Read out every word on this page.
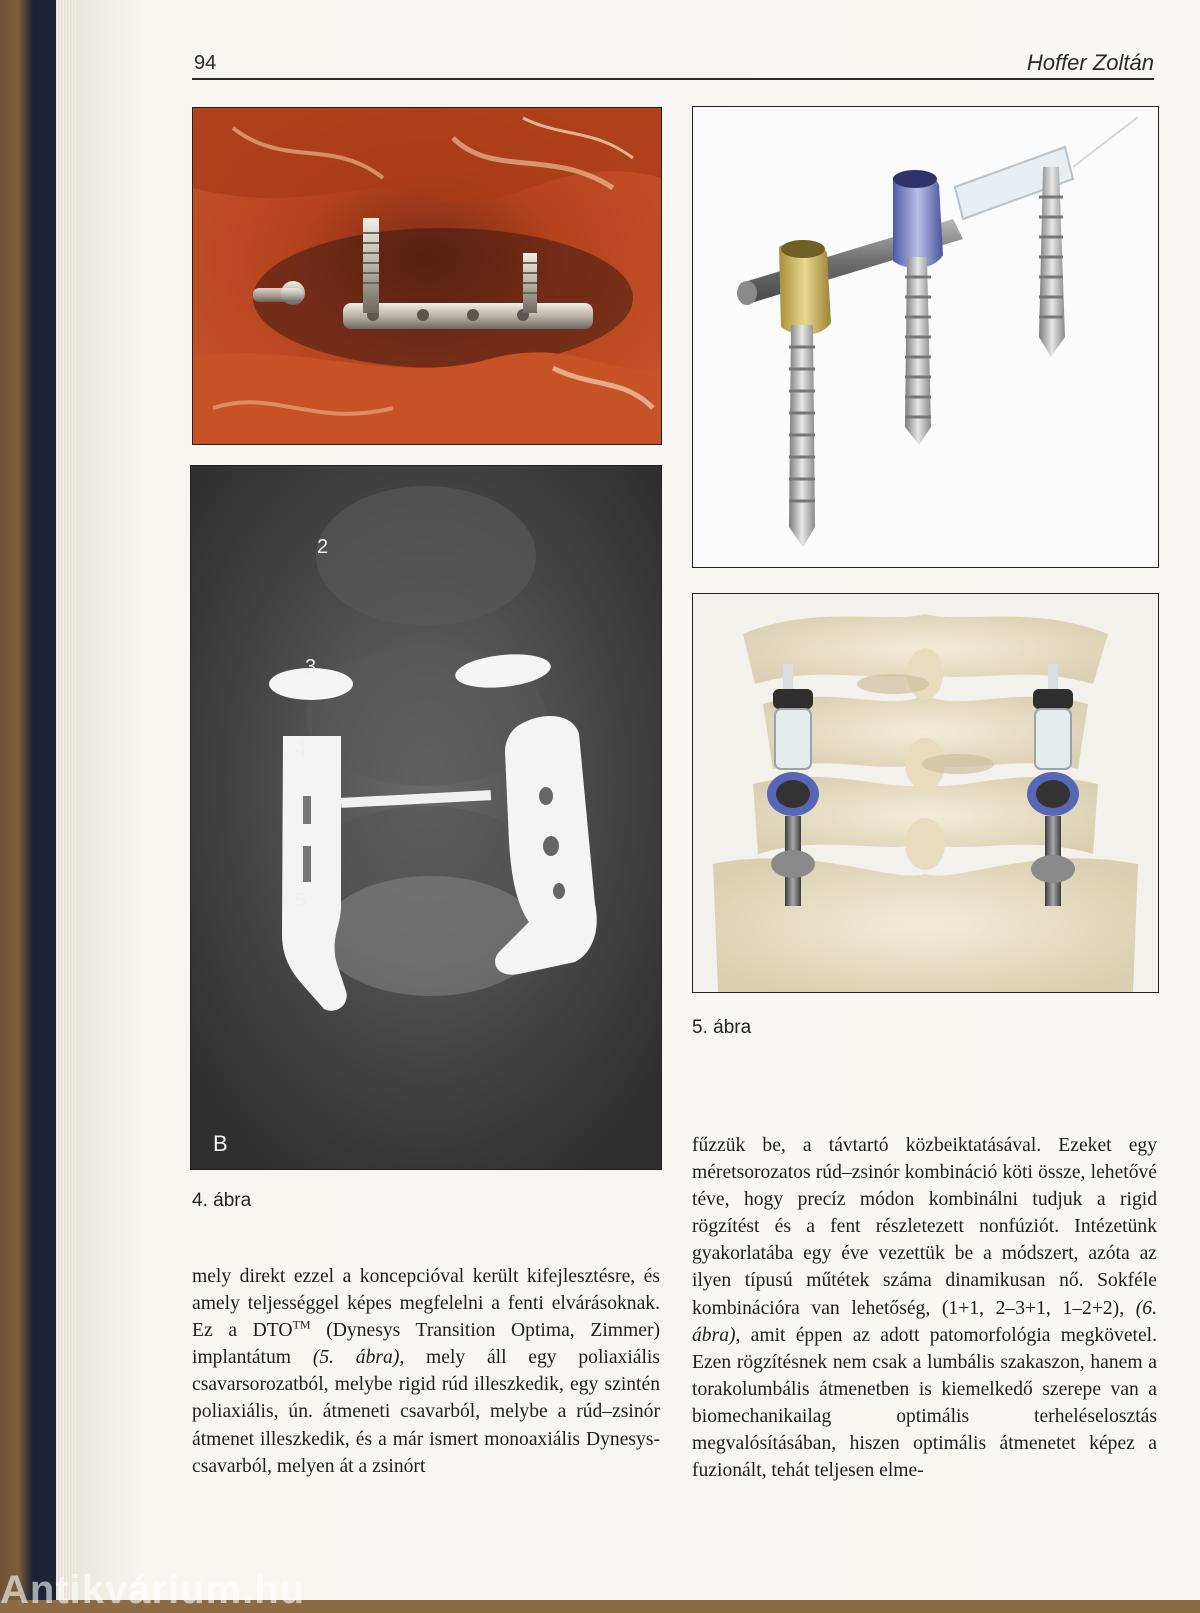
94	Hoffer Zoltán
2
3
4
5
B
4. ábra
5. ábra
mely direkt ezzel a koncepcióval került kifejlesztésre, és amely teljességgel képes megfelelni a fenti elvárásoknak. Ez a DTO™ (Dynesys Transition Optima, Zimmer) implantátum (5. ábra), mely áll egy poliaxiális csavarsorozatból, melybe rigid rúd illeszkedik, egy szintén poliaxiális, ún. átmeneti csavarból, melybe a rúd–zsinór átmenet illeszkedik, és a már ismert monoaxiális Dynesys-csavarból, melyen át a zsinórt
fűzzük be, a távtartó közbeiktatásával. Ezeket egy méretsorozatos rúd–zsinór kombináció köti össze, lehetővé téve, hogy precíz módon kombinálni tudjuk a rigid rögzítést és a fent részletezett nonfúziót. Intézetünk gyakorlatába egy éve vezettük be a módszert, azóta az ilyen típusú műtétek száma dinamikusan nő. Sokféle kombinációra van lehetőség, (1+1, 2–3+1, 1–2+2), (6. ábra), amit éppen az adott patomorfológia megkövetel. Ezen rögzítésnek nem csak a lumbális szakaszon, hanem a torakolumbális átmenetben is kiemelkedő szerepe van a biomechanikailag optimális terheléselosztás megvalósításában, hiszen optimális átmenetet képez a fuzionált, tehát teljesen elme-
Antikvárium.hu
